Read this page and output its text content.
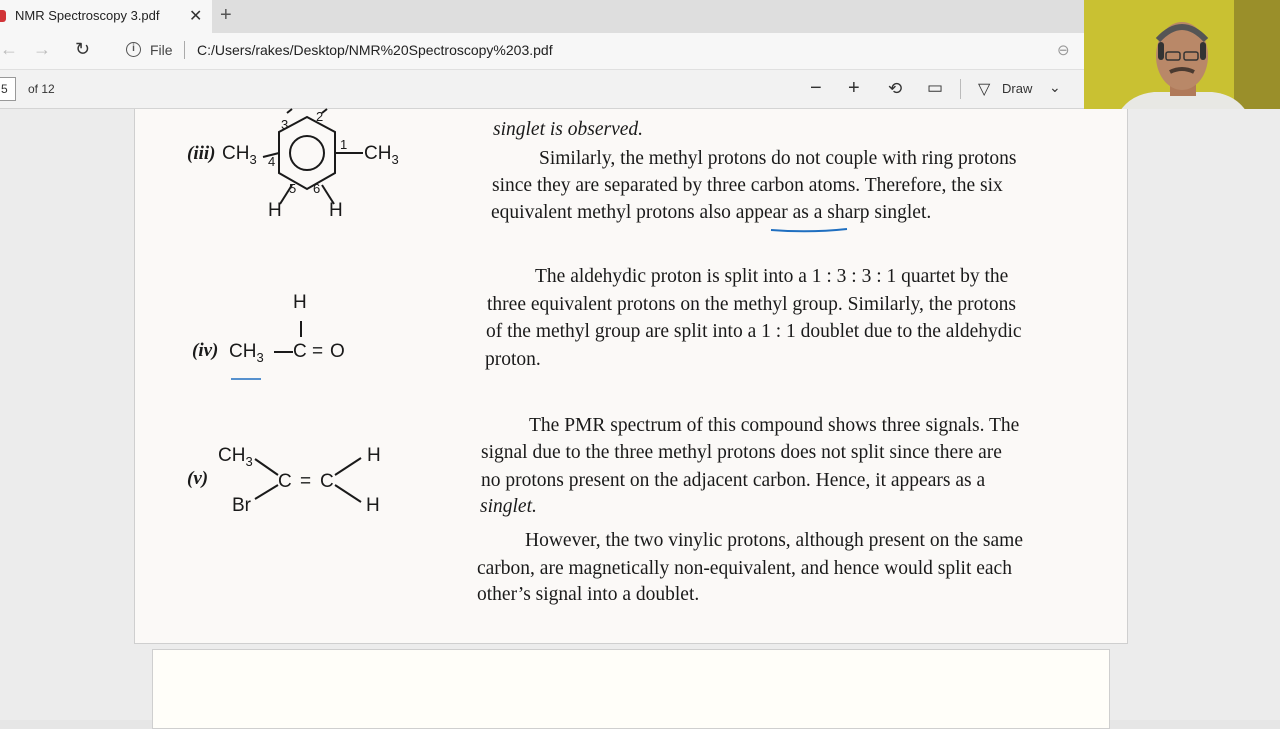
NMR Spectroscopy 3.pdf ✕ +
← → ↻	i	File C:/Users/rakes/Desktop/NMR%20Spectroscopy%203.pdf	⊖
5	of 12	− + ⟲ ▭ ▽ Draw ⌄
(iii) $CH_3$	$CH_3$
1
2
3
4
5 6
H H
H
(iv) $CH_3$ C = O
$CH_3$
(v)
Br
C = C
H
H
singlet is observed.
Similarly, the methyl protons do not couple with ring protons
since they are separated by three carbon atoms. Therefore, the six
equivalent methyl protons also appear as a sharp singlet.
The aldehydic proton is split into a 1 : 3 : 3 : 1 quartet by the
three equivalent protons on the methyl group. Similarly, the protons
of the methyl group are split into a 1 : 1 doublet due to the aldehydic
proton.
The PMR spectrum of this compound shows three signals. The
signal due to the three methyl protons does not split since there are
no protons present on the adjacent carbon. Hence, it appears as a
singlet.
However, the two vinylic protons, although present on the same
carbon, are magnetically non-equivalent, and hence would split each
other’s signal into a doublet.
